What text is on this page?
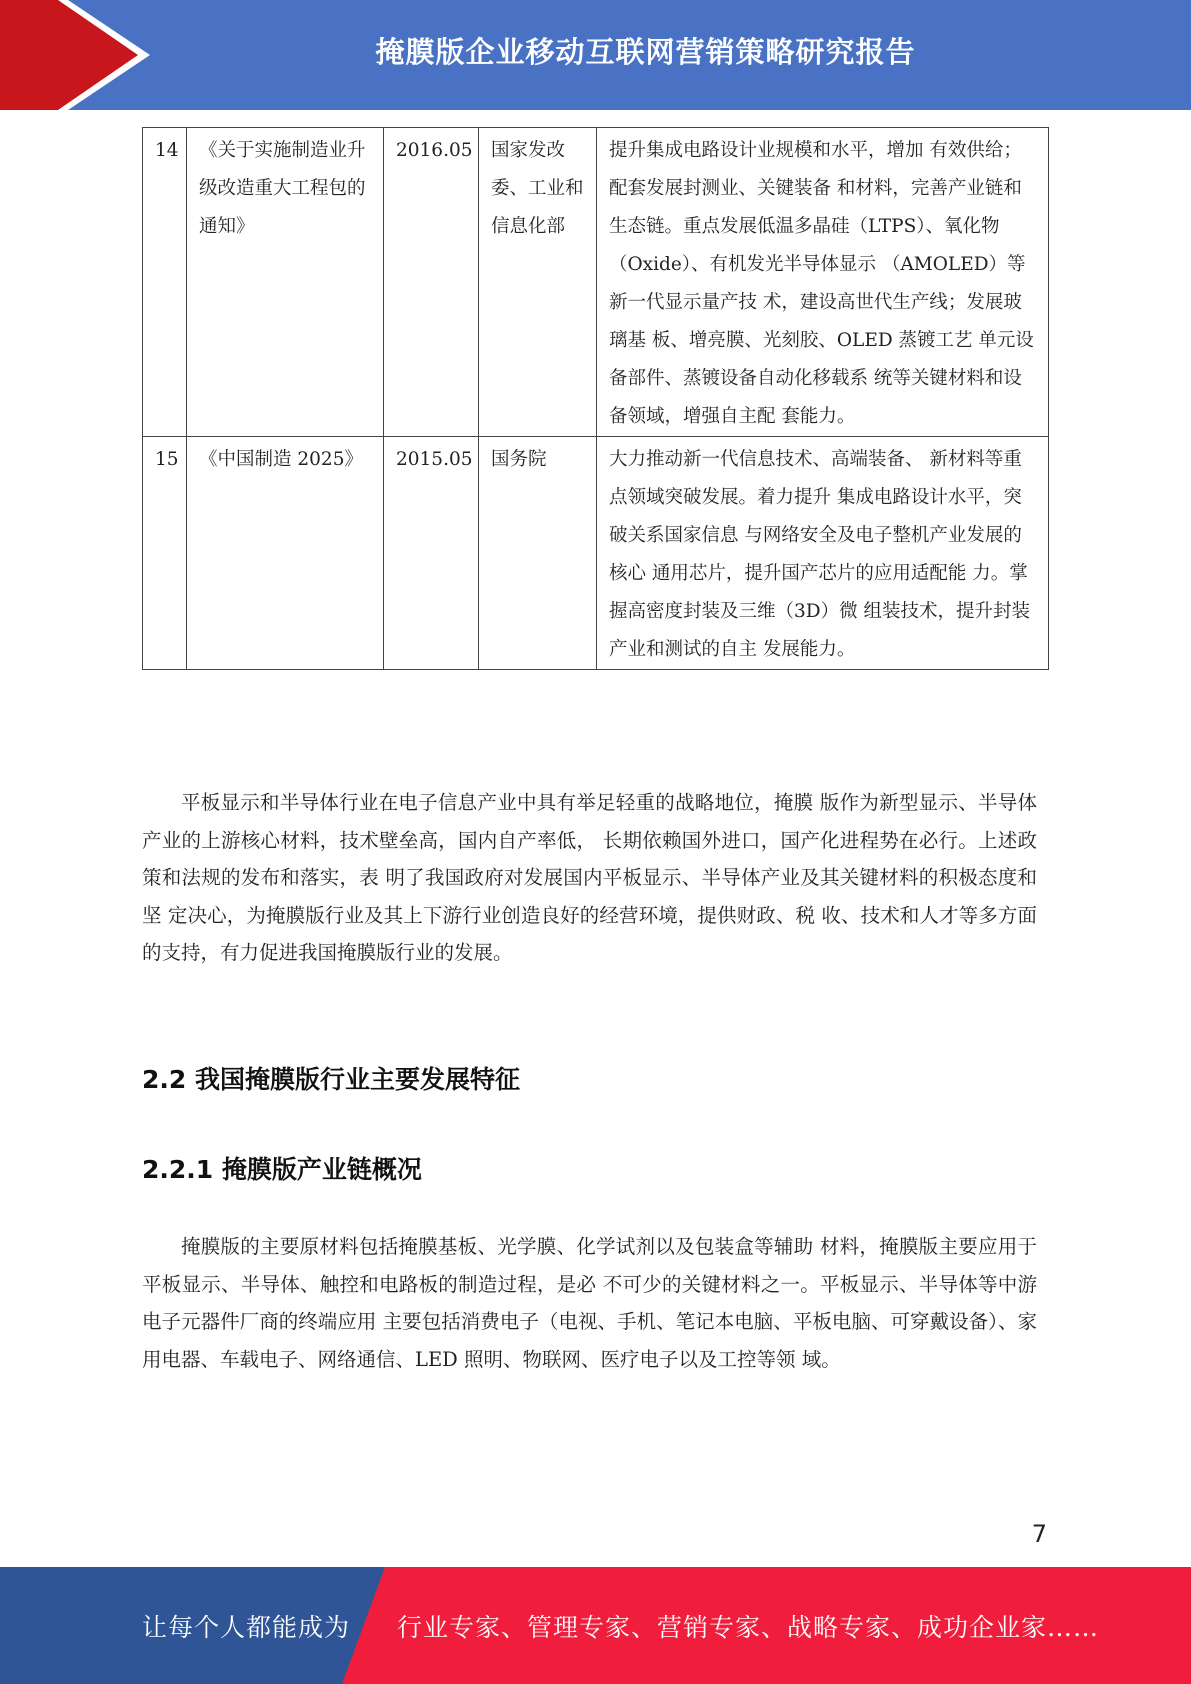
掩膜版企业移动互联网营销策略研究报告
14	《关于实施制造业升级改造重大工程包的通知》	2016.05	国家发改委、工业和信息化部	提升集成电路设计业规模和水平，增加 有效供给；配套发展封测业、关键装备 和材料，完善产业链和生态链。重点发展低温多晶硅（LTPS）、氧化物 （Oxide）、有机发光半导体显示 （AMOLED）等新一代显示量产技 术，建设高世代生产线；发展玻璃基 板、增亮膜、光刻胶、OLED 蒸镀工艺 单元设备部件、蒸镀设备自动化移载系 统等关键材料和设备领域，增强自主配 套能力。
15	《中国制造 2025》	2015.05	国务院	大力推动新一代信息技术、高端装备、 新材料等重点领域突破发展。着力提升 集成电路设计水平，突破关系国家信息 与网络安全及电子整机产业发展的核心 通用芯片，提升国产芯片的应用适配能 力。掌握高密度封装及三维（3D）微 组装技术，提升封装产业和测试的自主 发展能力。

平板显示和半导体行业在电子信息产业中具有举足轻重的战略地位，掩膜 版作为新型显示、半导体产业的上游核心材料，技术壁垒高，国内自产率低， 长期依赖国外进口，国产化进程势在必行。上述政策和法规的发布和落实，表 明了我国政府对发展国内平板显示、半导体产业及其关键材料的积极态度和坚 定决心，为掩膜版行业及其上下游行业创造良好的经营环境，提供财政、税 收、技术和人才等多方面的支持，有力促进我国掩膜版行业的发展。

2.2 我国掩膜版行业主要发展特征
2.2.1 掩膜版产业链概况

掩膜版的主要原材料包括掩膜基板、光学膜、化学试剂以及包装盒等辅助 材料，掩膜版主要应用于平板显示、半导体、触控和电路板的制造过程，是必 不可少的关键材料之一。平板显示、半导体等中游电子元器件厂商的终端应用 主要包括消费电子（电视、手机、笔记本电脑、平板电脑、可穿戴设备）、家 用电器、车载电子、网络通信、LED 照明、物联网、医疗电子以及工控等领 域。

7
让每个人都能成为 行业专家、管理专家、营销专家、战略专家、成功企业家……
